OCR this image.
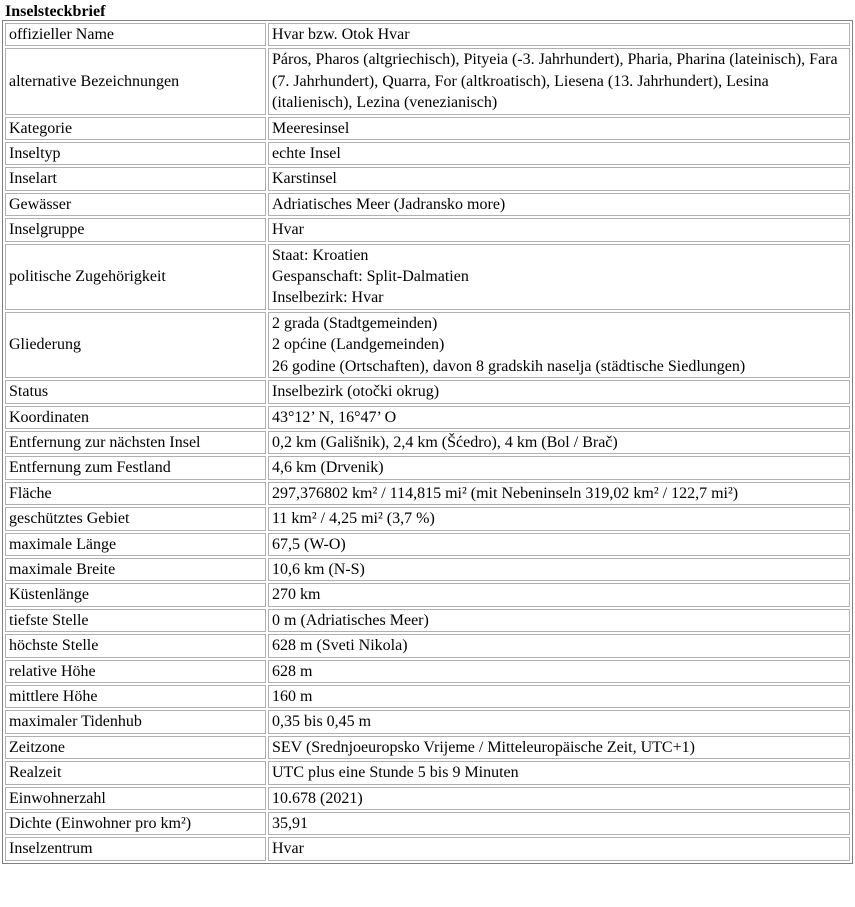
Inselsteckbrief
offizieller Name	Hvar bzw. Otok Hvar

alternative Bezeichnungen	Páros, Pharos (altgriechisch), Pityeia (-3. Jahrhundert), Pharia, Pharina (lateinisch), Fara (7. Jahrhundert), Quarra, For (altkroatisch), Liesena (13. Jahrhundert), Lesina (italienisch), Lezina (venezianisch)

Kategorie	Meeresinsel

Inseltyp	echte Insel

Inselart	Karstinsel

Gewässer	Adriatisches Meer (Jadransko more)

Inselgruppe	Hvar

politische Zugehörigkeit	Staat: Kroatien
Gespanschaft: Split-Dalmatien
Inselbezirk: Hvar

Gliederung	2 grada (Stadtgemeinden)
2 općine (Landgemeinden)
26 godine (Ortschaften), davon 8 gradskih naselja (städtische Siedlungen)

Status	Inselbezirk (otočki okrug)

Koordinaten	43°12’ N, 16°47’ O

Entfernung zur nächsten Insel	0,2 km (Gališnik), 2,4 km (Šćedro), 4 km (Bol / Brač)

Entfernung zum Festland	4,6 km (Drvenik)

Fläche	297,376802 km² / 114,815 mi² (mit Nebeninseln 319,02 km² / 122,7 mi²)

geschütztes Gebiet	11 km² / 4,25 mi² (3,7 %)

maximale Länge	67,5 (W-O)

maximale Breite	10,6 km (N-S)

Küstenlänge	270 km

tiefste Stelle	0 m (Adriatisches Meer)

höchste Stelle	628 m (Sveti Nikola)

relative Höhe	628 m

mittlere Höhe	160 m

maximaler Tidenhub	0,35 bis 0,45 m

Zeitzone	SEV (Srednjoeuropsko Vrijeme / Mitteleuropäische Zeit, UTC+1)

Realzeit	UTC plus eine Stunde 5 bis 9 Minuten

Einwohnerzahl	10.678 (2021)

Dichte (Einwohner pro km²)	35,91

Inselzentrum	Hvar
